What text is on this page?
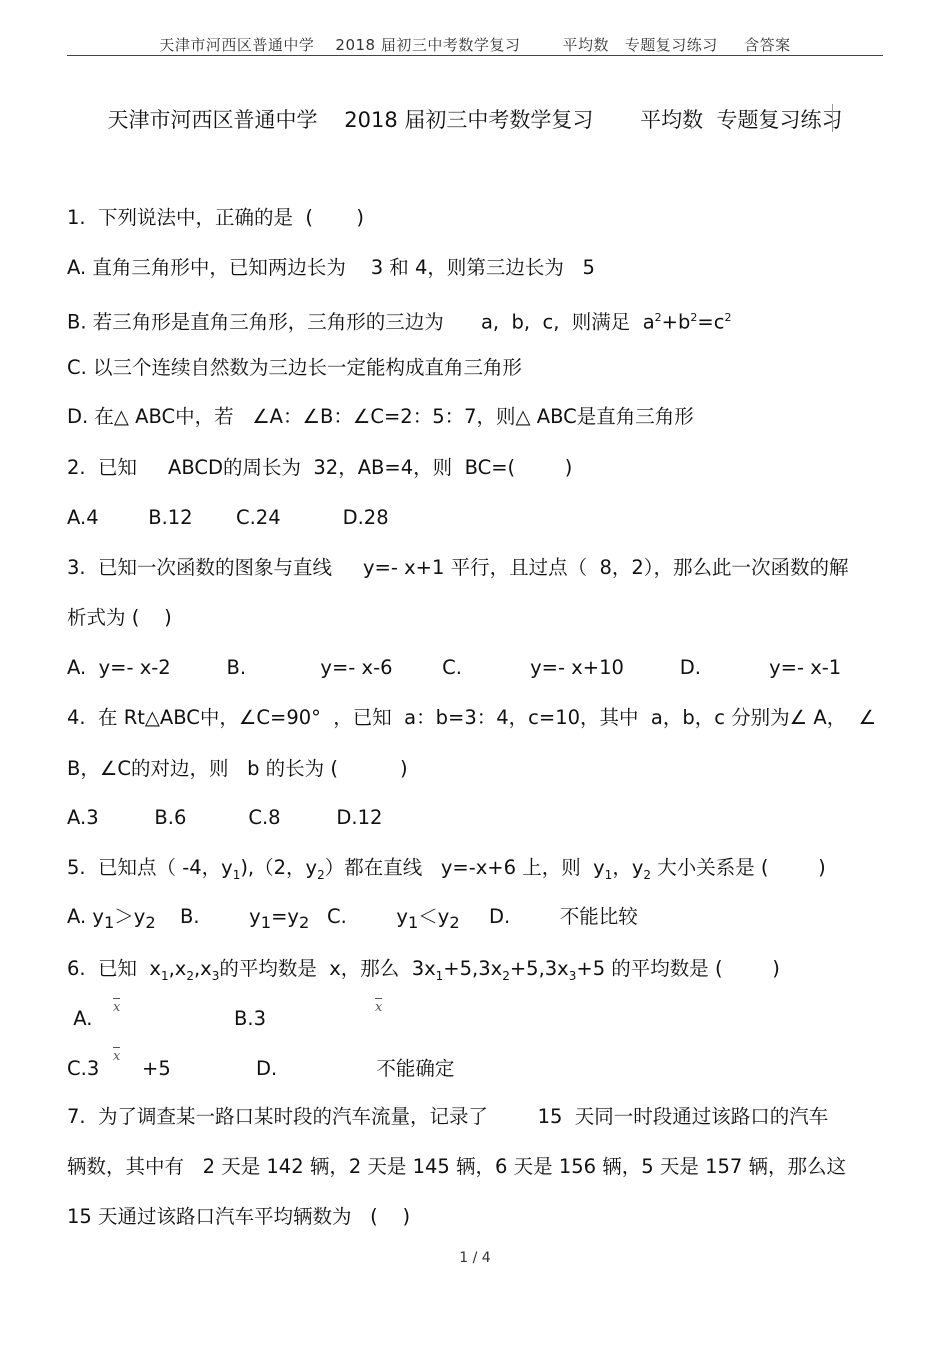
天津市河西区普通中学    2018 届初三中考数学复习        平均数   专题复习练习     含答案
天津市河西区普通中学    2018 届初三中考数学复习       平均数  专题复习练习
1.  下列说法中，正确的是  (       )
A. 直角三角形中，已知两边长为    3 和 4，则第三边长为   5
B. 若三角形是直角三角形，三角形的三边为      a,  b,  c,  则满足  $a^2+b^2=c^2$
C. 以三个连续自然数为三边长一定能构成直角三角形
D. 在△ ABC中，若   ∠A：∠B：∠C=2：5：7，则△ ABC是直角三角形
2.  已知     ABCD的周长为  32，AB=4，则  BC=(        )
A.4        B.12       C.24          D.28
3.  已知一次函数的图象与直线     y=- x+1 平行，且过点（  8，2），那么此一次函数的解
析式为 (    )
A.  y=- x-2         B.            y=- x-6        C.           y=- x+10         D.           y=- x-1
4.  在 Rt△ABC中，∠C=90°  ，已知  a：b=3：4，c=10，其中  a，b，c 分别为∠ A，  ∠
B，∠C的对边，则   b 的长为 (          )
A.3         B.6          C.8         D.12
5.  已知点（ -4，$y_1),(2$，$y_2$）都在直线   y=-x+6 上，则  $y_1$，$y_2$ 大小关系是 (        )
A. $y_1>y_2$ B.        $y_1=y_2$ C.        $y_1<y_2$ D.        不能比较
6.  已知  $x_1,x_2,x_3$的平均数是  x，那么  $3x_1+5,3x_2+5,3x_3+5$ 的平均数是 (        )
A. x	B.3	x
C.3
x
+5	D.                不能确定
7.  为了调查某一路口某时段的汽车流量，记录了        15  天同一时段通过该路口的汽车
辆数，其中有   2 天是 142 辆，2 天是 145 辆，6 天是 156 辆，5 天是 157 辆，那么这
15 天通过该路口汽车平均辆数为   (    )
1 / 4
